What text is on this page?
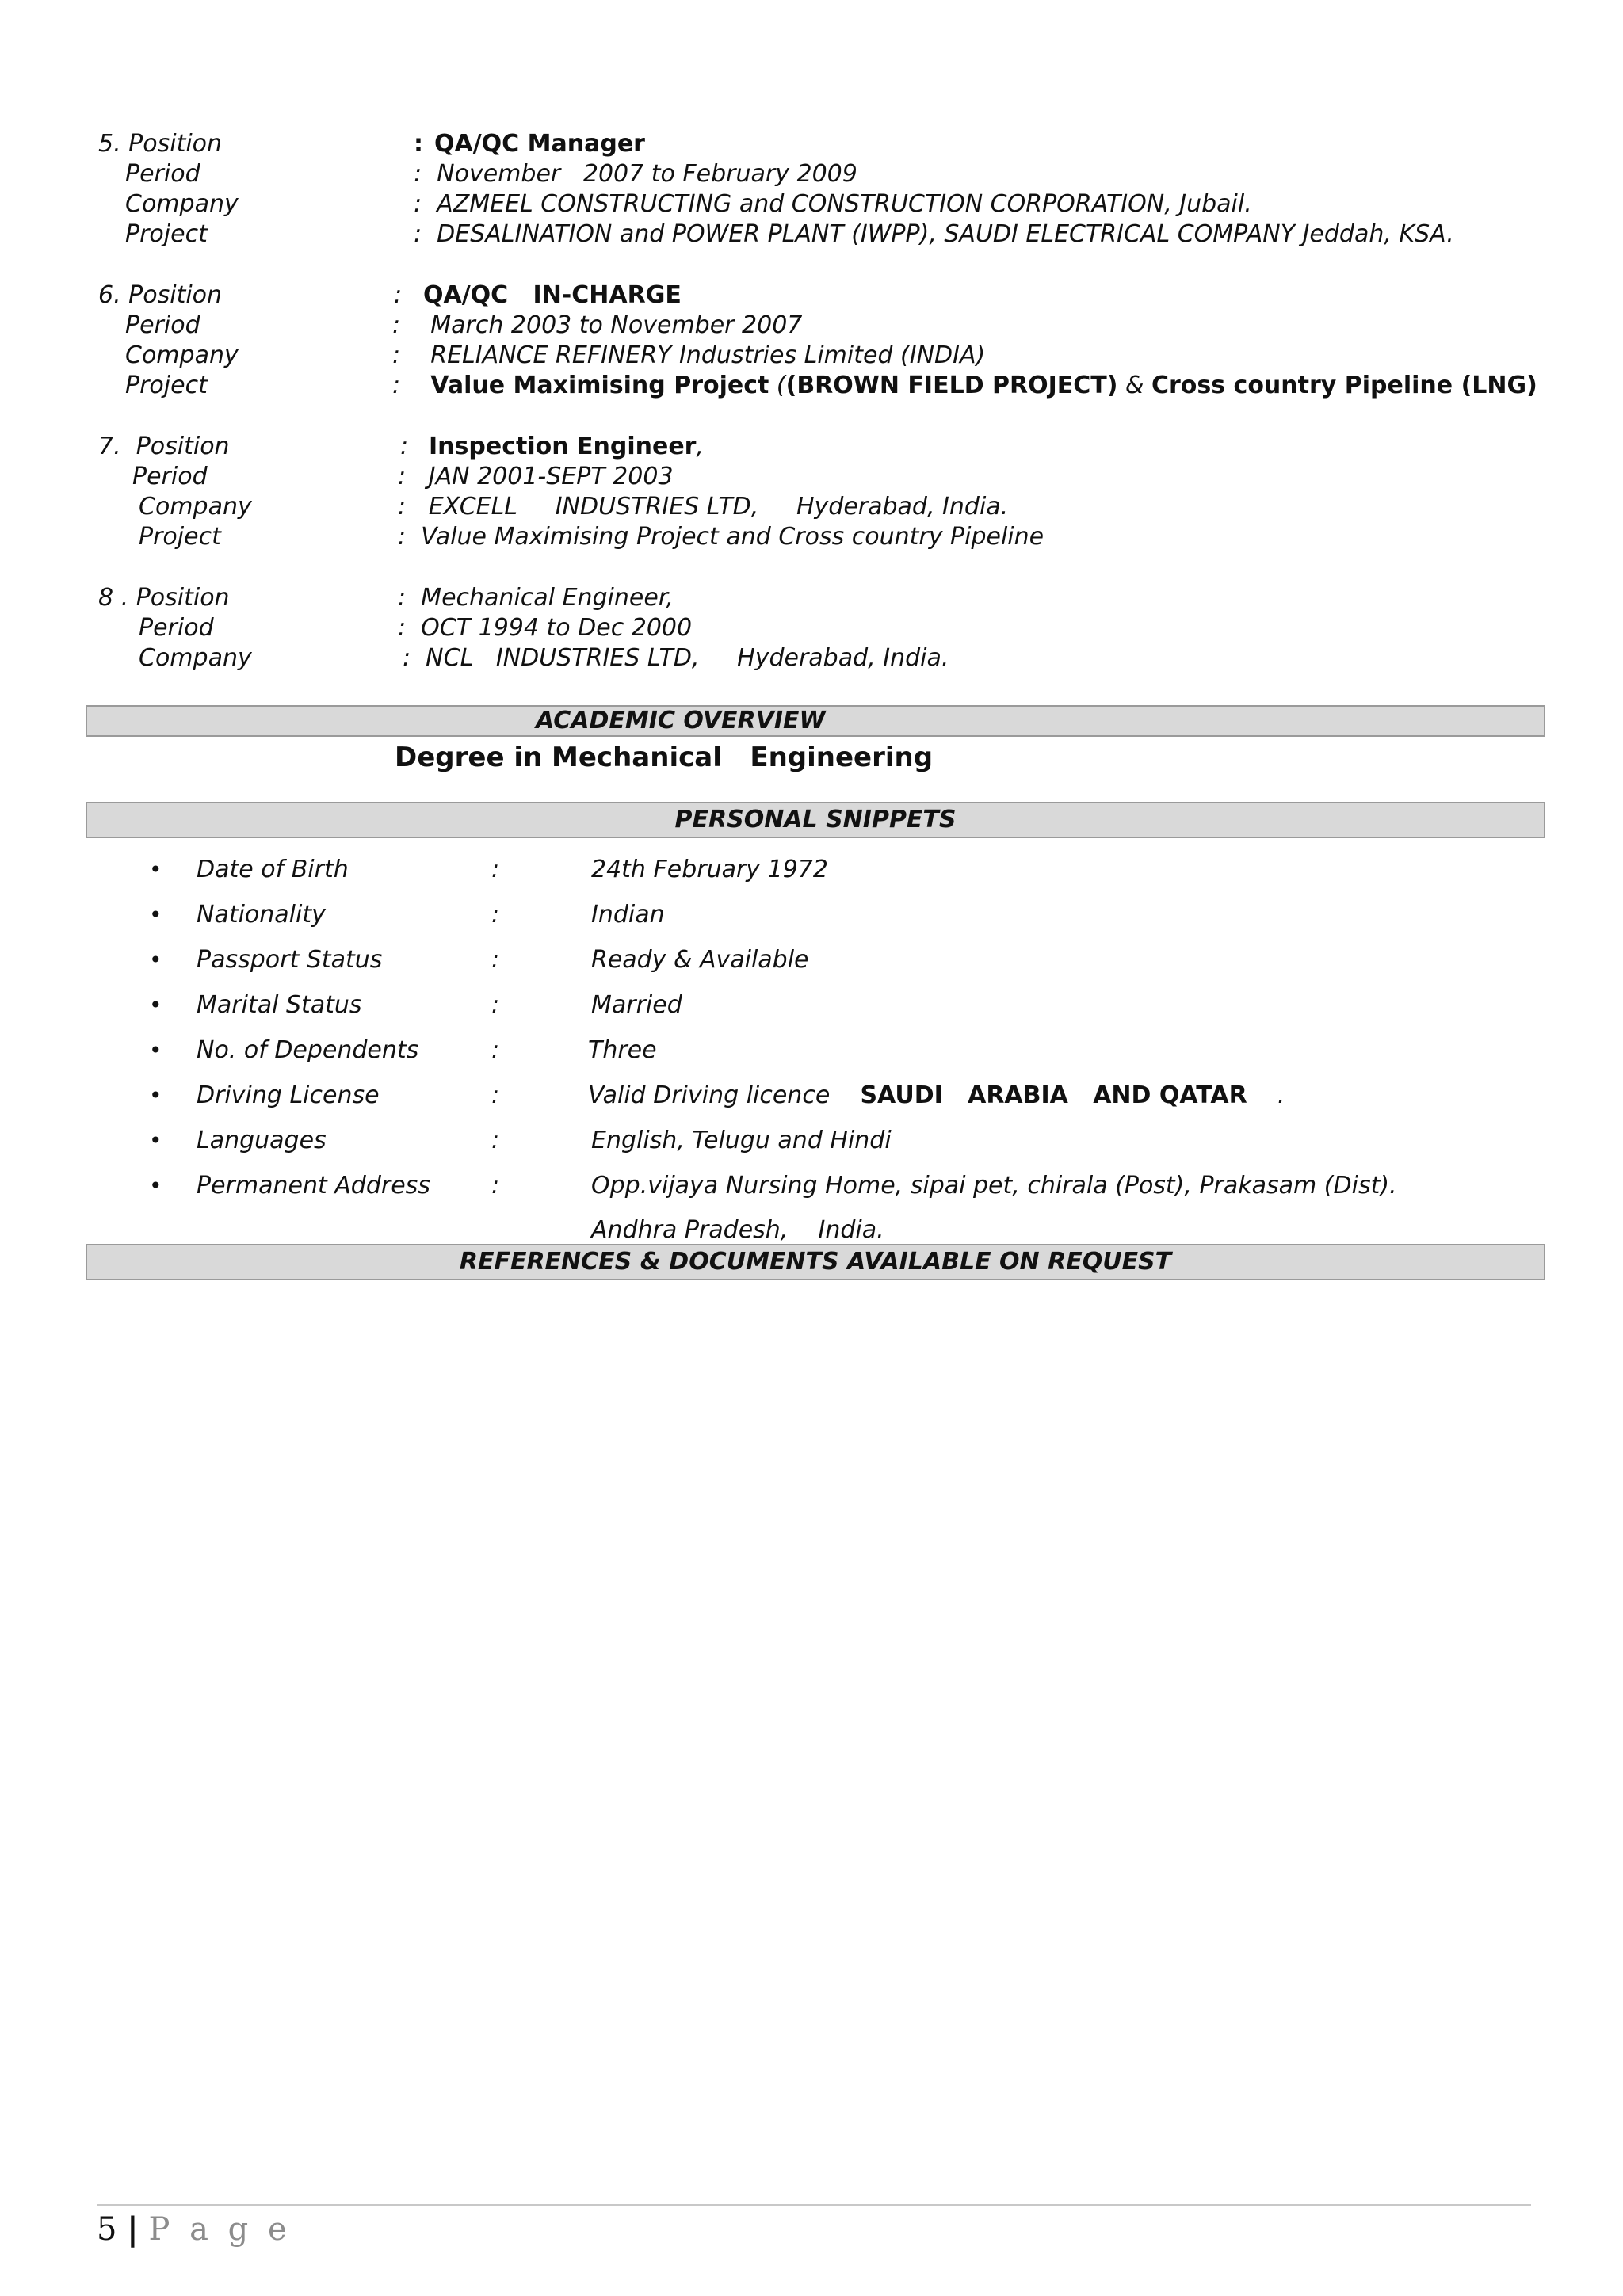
5. Position	: QA/QC Manager
Period	:  November   2007 to February 2009
Company	:  AZMEEL CONSTRUCTING and CONSTRUCTION CORPORATION, Jubail.
Project	:  DESALINATION and POWER PLANT (IWPP), SAUDI ELECTRICAL COMPANY Jeddah, KSA.
6. Position	: QA/QC   IN-CHARGE
Period	:    March 2003 to November 2007
Company	:    RELIANCE REFINERY Industries Limited (INDIA)
Project	: Value Maximising Project ((BROWN FIELD PROJECT) & Cross country Pipeline (LNG)
7.  Position	: Inspection Engineer,
Period	:   JAN 2001-SEPT 2003
Company	:   EXCELL     INDUSTRIES LTD,     Hyderabad, India.
Project	:  Value Maximising Project and Cross country Pipeline
8 . Position	:  Mechanical Engineer,
Period	:  OCT 1994 to Dec 2000
Company	:  NCL   INDUSTRIES LTD,     Hyderabad, India.
ACADEMIC OVERVIEW
Degree in Mechanical   Engineering
PERSONAL SNIPPETS
• Date of Birth	:	24th February 1972
• Nationality	:	Indian
• Passport Status	:	Ready & Available
• Marital Status	:	Married
• No. of Dependents	:	Three
• Driving License	:	Valid Driving licence SAUDI   ARABIA   AND QATAR .
• Languages	:	English, Telugu and Hindi
• Permanent Address	:	Opp.vijaya Nursing Home, sipai pet, chirala (Post), Prakasam (Dist).
Andhra Pradesh,    India.
REFERENCES & DOCUMENTS AVAILABLE ON REQUEST
5 | P a g e
